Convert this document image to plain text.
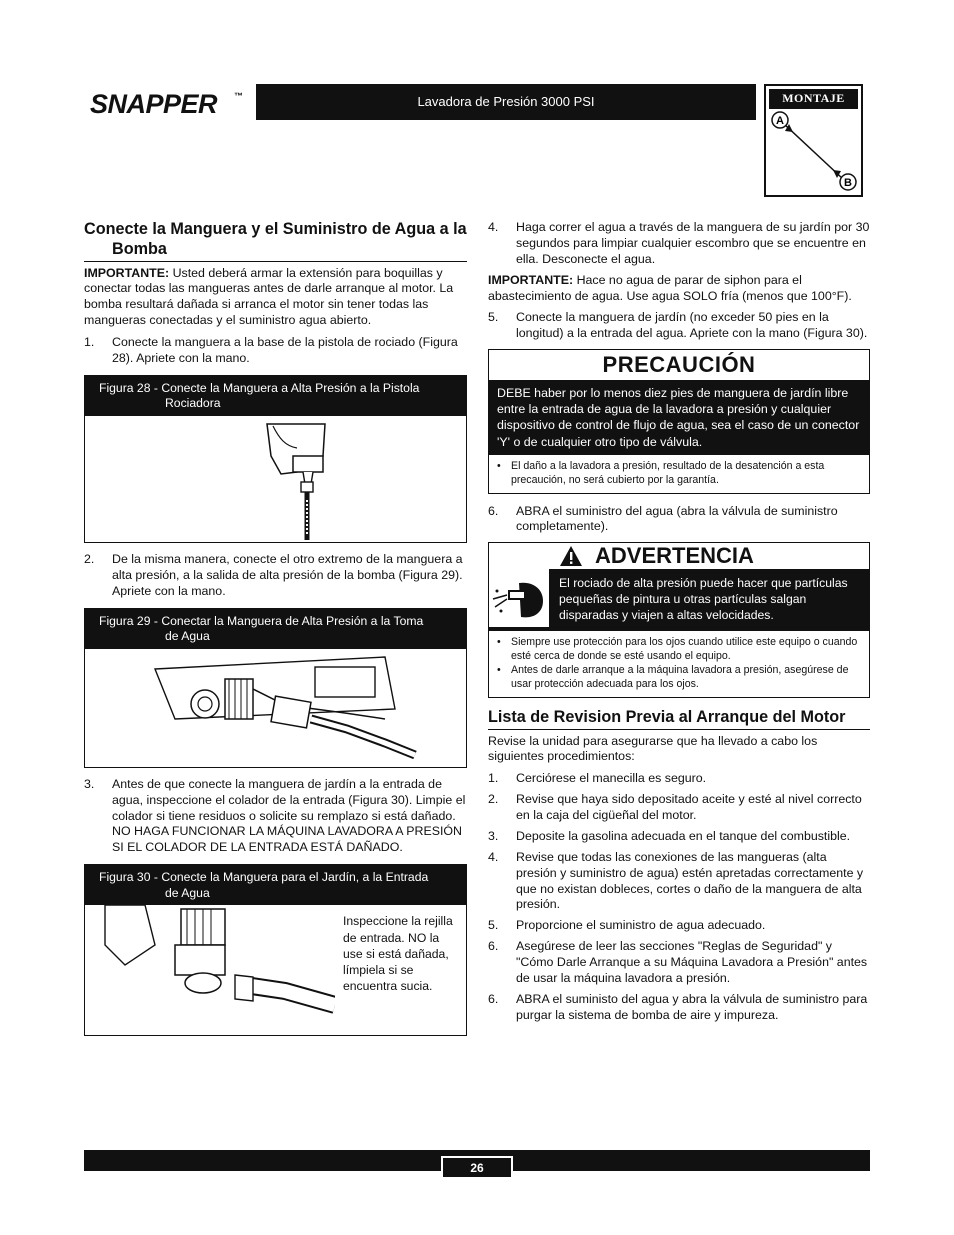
SNAPPER ™	Lavadora de Presión 3000 PSI	MONTAJE
A
B
Conecte la Manguera y el Suministro de Agua a la Bomba

IMPORTANTE: Usted deberá armar la extensión para boquillas y conectar todas las mangueras antes de darle arranque al motor. La bomba resultará dañada si arranca el motor sin tener todas las mangueras conectadas y el suministro agua abierto.

1.	Conecte la manguera a la base de la pistola de rociado (Figura 28). Apriete con la mano.
Figura 28 - Conecte la Manguera a Alta Presión a la Pistola
Rociadora
2.	De la misma manera, conecte el otro extremo de la manguera a alta presión, a la salida de alta presión de la bomba (Figura 29). Apriete con la mano.
Figura 29 - Conectar la Manguera de Alta Presión a la Toma
de Agua
3.	Antes de que conecte la manguera de jardín a la entrada de agua, inspeccione el colador de la entrada (Figura 30). Limpie el colador si tiene residuos o solicite su remplazo si está dañado. NO HAGA FUNCIONAR LA MÁQUINA LAVADORA A PRESIÓN SI EL COLADOR DE LA ENTRADA ESTÁ DAÑADO.
Figura 30 - Conecte la Manguera para el Jardín, a la Entrada
de Agua
Inspeccione la rejilla de entrada. NO la use si está dañada, límpiela si se encuentra sucia.
4.	Haga correr el agua a través de la manguera de su jardín por 30 segundos para limpiar cualquier escombro que se encuentre en ella. Desconecte el agua.

IMPORTANTE: Hace no agua de parar de siphon para el abastecimiento de agua. Use agua SOLO fría (menos que 100°F).

5.	Conecte la manguera de jardín (no exceder 50 pies en la longitud) a la entrada del agua. Apriete con la mano (Figura 30).
PRECAUCIÓN
DEBE haber por lo menos diez pies de manguera de jardín libre entre la entrada de agua de la lavadora a presión y cualquier dispositivo de control de flujo de agua, sea el caso de un conector 'Y' o de cualquier otro tipo de válvula.
• El daño a la lavadora a presión, resultado de la desatención a esta precaución, no será cubierto por la garantía.
6.	ABRA el suministro del agua (abra la válvula de suministro completamente).
ADVERTENCIA
El rociado de alta presión puede hacer que partículas pequeñas de pintura u otras partículas salgan disparadas y viajen a altas velocidades.
• Siempre use protección para los ojos cuando utilice este equipo o cuando esté cerca de donde se esté usando el equipo.
• Antes de darle arranque a la máquina lavadora a presión, asegúrese de usar protección adecuada para los ojos.
Lista de Revision Previa al Arranque del Motor

Revise la unidad para asegurarse que ha llevado a cabo los siguientes procedimientos:

1.	Cerciórese el manecilla es seguro.
2.	Revise que haya sido depositado aceite y esté al nivel correcto en la caja del cigüeñal del motor.
3.	Deposite la gasolina adecuada en el tanque del combustible.
4.	Revise que todas las conexiones de las mangueras (alta presión y suministro de agua) estén apretadas correctamente y que no existan dobleces, cortes o daño de la manguera de alta presión.
5.	Proporcione el suministro de agua adecuado.
6.	Asegúrese de leer las secciones "Reglas de Seguridad" y "Cómo Darle Arranque a su Máquina Lavadora a Presión" antes de usar la máquina lavadora a presión.
6.	ABRA el suministo del agua y abra la válvula de suministro para purgar la sistema de bomba de aire y impureza.
26
